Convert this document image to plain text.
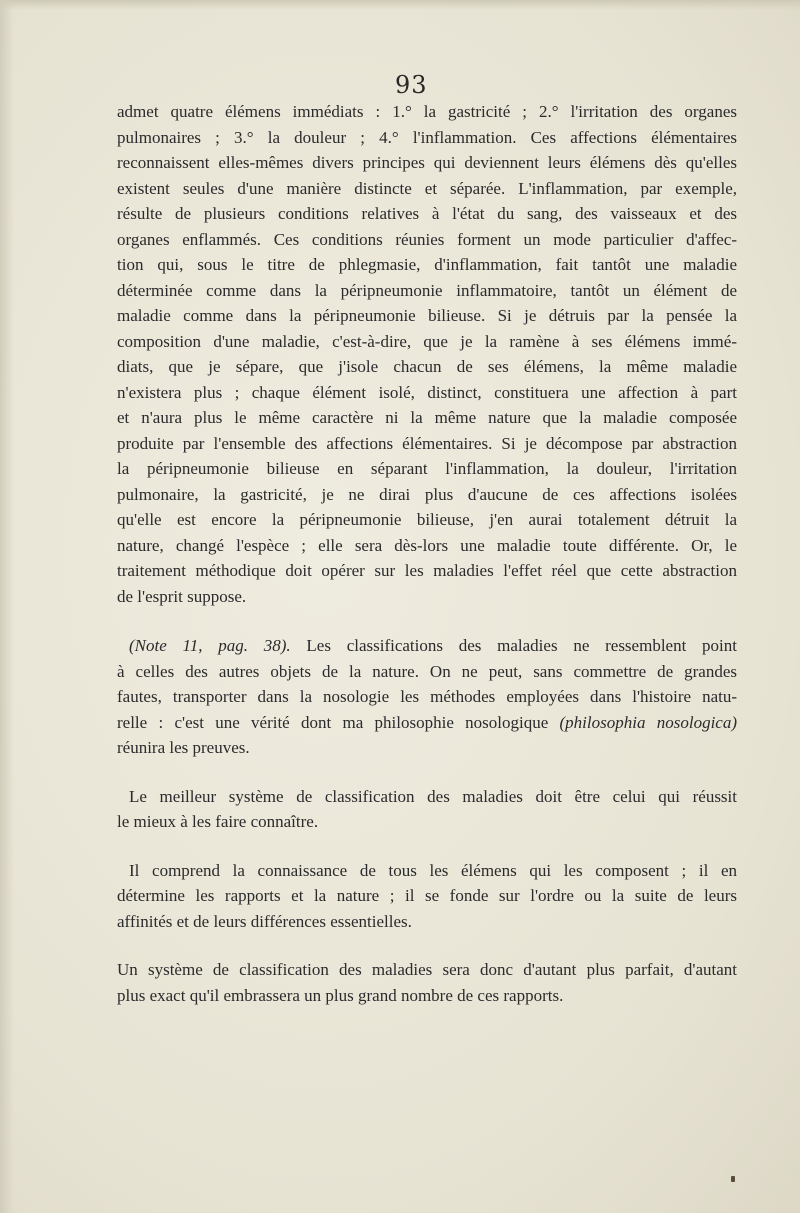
93

admet quatre élémens immédiats : 1.° la gastricité ; 2.° l'irritation des organes

pulmonaires ; 3.° la douleur ; 4.° l'inflammation. Ces affections élémentaires

reconnaissent elles-mêmes divers principes qui deviennent leurs élémens dès qu'elles

existent seules d'une manière distincte et séparée. L'inflammation, par exemple,

résulte de plusieurs conditions relatives à l'état du sang, des vaisseaux et des

organes enflammés. Ces conditions réunies forment un mode particulier d'affec-

tion qui, sous le titre de phlegmasie, d'inflammation, fait tantôt une maladie

déterminée comme dans la péripneumonie inflammatoire, tantôt un élément de

maladie comme dans la péripneumonie bilieuse. Si je détruis par la pensée la

composition d'une maladie, c'est-à-dire, que je la ramène à ses élémens immé-

diats, que je sépare, que j'isole chacun de ses élémens, la même maladie

n'existera plus ; chaque élément isolé, distinct, constituera une affection à part

et n'aura plus le même caractère ni la même nature que la maladie composée

produite par l'ensemble des affections élémentaires. Si je décompose par abstraction

la péripneumonie bilieuse en séparant l'inflammation, la douleur, l'irritation

pulmonaire, la gastricité, je ne dirai plus d'aucune de ces affections isolées

qu'elle est encore la péripneumonie bilieuse, j'en aurai totalement détruit la

nature, changé l'espèce ; elle sera dès-lors une maladie toute différente. Or, le

traitement méthodique doit opérer sur les maladies l'effet réel que cette abstraction

de l'esprit suppose.

(Note 11, pag. 38). Les classifications des maladies ne ressemblent point

à celles des autres objets de la nature. On ne peut, sans commettre de grandes

fautes, transporter dans la nosologie les méthodes employées dans l'histoire natu-

relle : c'est une vérité dont ma philosophie nosologique (philosophia nosologica)

réunira les preuves.

Le meilleur système de classification des maladies doit être celui qui réussit

le mieux à les faire connaître.

Il comprend la connaissance de tous les élémens qui les composent ; il en

détermine les rapports et la nature ; il se fonde sur l'ordre ou la suite de leurs

affinités et de leurs différences essentielles.

Un système de classification des maladies sera donc d'autant plus parfait, d'autant

plus exact qu'il embrassera un plus grand nombre de ces rapports.
